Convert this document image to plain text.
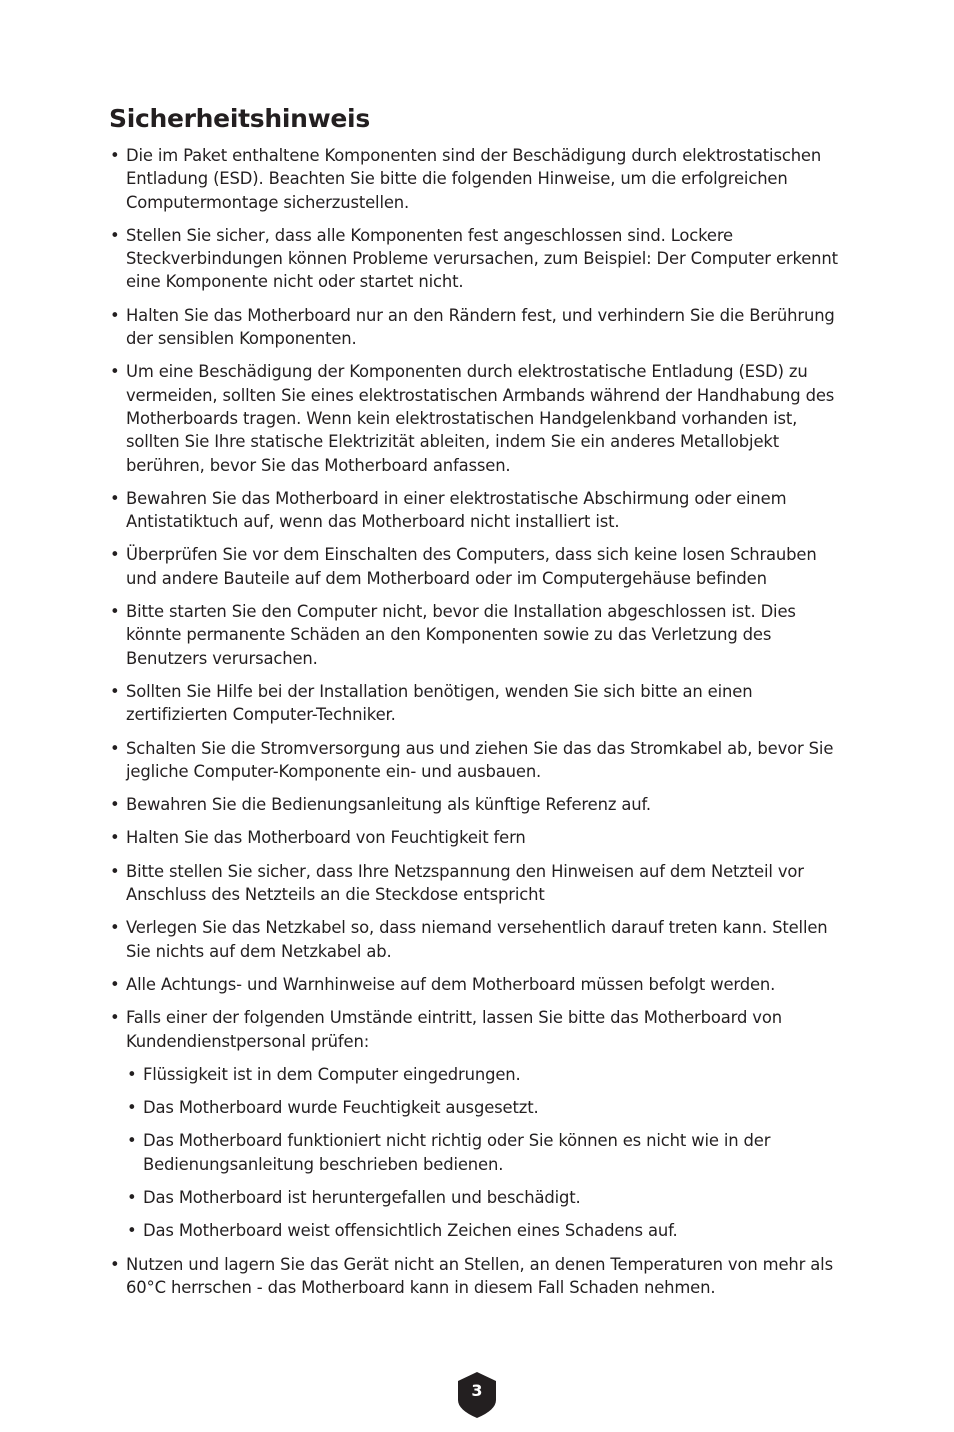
Sicherheitshinweis
• Die im Paket enthaltene Komponenten sind der Beschädigung durch elektrostatischen Entladung (ESD). Beachten Sie bitte die folgenden Hinweise, um die erfolgreichen Computermontage sicherzustellen.
• Stellen Sie sicher, dass alle Komponenten fest angeschlossen sind. Lockere Steckverbindungen können Probleme verursachen, zum Beispiel: Der Computer erkennt eine Komponente nicht oder startet nicht.
• Halten Sie das Motherboard nur an den Rändern fest, und verhindern Sie die Berührung der sensiblen Komponenten.
• Um eine Beschädigung der Komponenten durch elektrostatische Entladung (ESD) zu vermeiden, sollten Sie eines elektrostatischen Armbands während der Handhabung des Motherboards tragen. Wenn kein elektrostatischen Handgelenkband vorhanden ist, sollten Sie Ihre statische Elektrizität ableiten, indem Sie ein anderes Metallobjekt berühren, bevor Sie das Motherboard anfassen.
• Bewahren Sie das Motherboard in einer elektrostatische Abschirmung oder einem Antistatiktuch auf, wenn das Motherboard nicht installiert ist.
• Überprüfen Sie vor dem Einschalten des Computers, dass sich keine losen Schrauben und andere Bauteile auf dem Motherboard oder im Computergehäuse befinden
• Bitte starten Sie den Computer nicht, bevor die Installation abgeschlossen ist. Dies könnte permanente Schäden an den Komponenten sowie zu das Verletzung des Benutzers verursachen.
• Sollten Sie Hilfe bei der Installation benötigen, wenden Sie sich bitte an einen zertifizierten Computer-Techniker.
• Schalten Sie die Stromversorgung aus und ziehen Sie das das Stromkabel ab, bevor Sie jegliche Computer-Komponente ein- und ausbauen.
• Bewahren Sie die Bedienungsanleitung als künftige Referenz auf.
• Halten Sie das Motherboard von Feuchtigkeit fern
• Bitte stellen Sie sicher, dass Ihre Netzspannung den Hinweisen auf dem Netzteil vor Anschluss des Netzteils an die Steckdose entspricht
• Verlegen Sie das Netzkabel so, dass niemand versehentlich darauf treten kann. Stellen Sie nichts auf dem Netzkabel ab.
• Alle Achtungs- und Warnhinweise auf dem Motherboard müssen befolgt werden.
• Falls einer der folgenden Umstände eintritt, lassen Sie bitte das Motherboard von Kundendienstpersonal prüfen:
• Flüssigkeit ist in dem Computer eingedrungen.
• Das Motherboard wurde Feuchtigkeit ausgesetzt.
• Das Motherboard funktioniert nicht richtig oder Sie können es nicht wie in der Bedienungsanleitung beschrieben bedienen.
• Das Motherboard ist heruntergefallen und beschädigt.
• Das Motherboard weist offensichtlich Zeichen eines Schadens auf.
• Nutzen und lagern Sie das Gerät nicht an Stellen, an denen Temperaturen von mehr als 60°C herrschen - das Motherboard kann in diesem Fall Schaden nehmen.
3
